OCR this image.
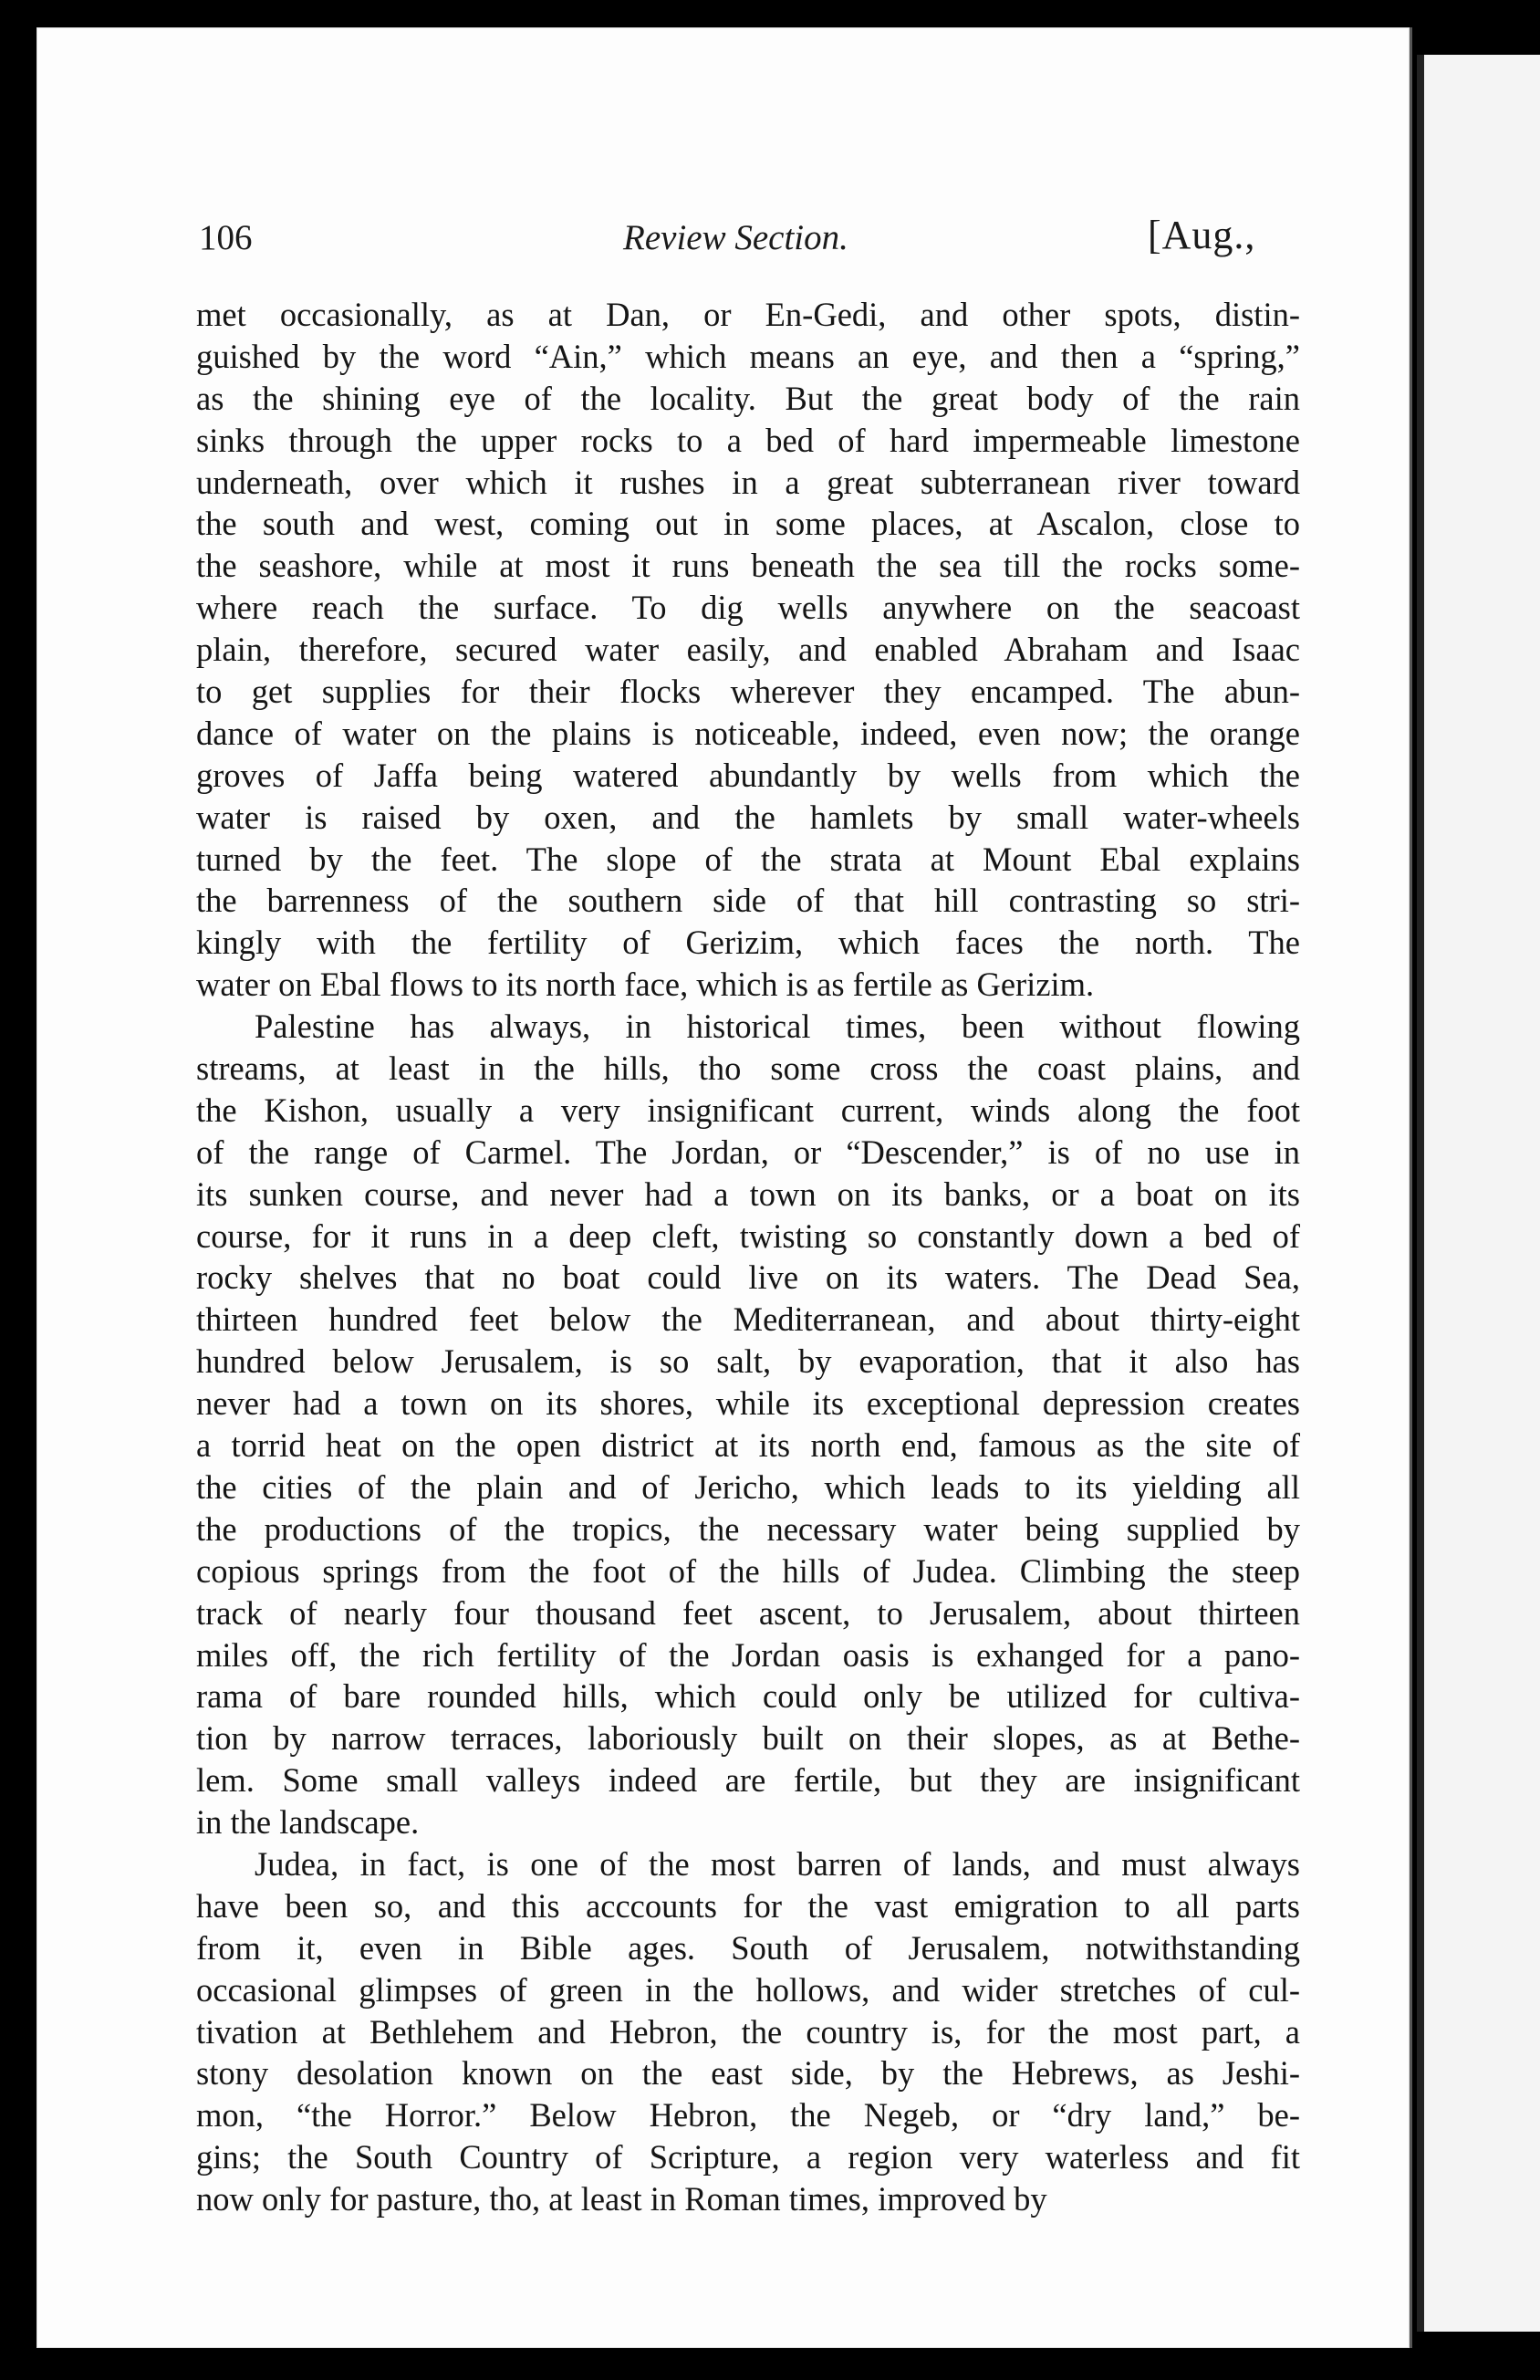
106	Review Section.	[Aug.,
met occasionally, as at Dan, or En-Gedi, and other spots, distin-
guished by the word “Ain,” which means an eye, and then a “spring,”
as the shining eye of the locality. But the great body of the rain
sinks through the upper rocks to a bed of hard impermeable limestone
underneath, over which it rushes in a great subterranean river toward
the south and west, coming out in some places, at Ascalon, close to
the seashore, while at most it runs beneath the sea till the rocks some-
where reach the surface. To dig wells anywhere on the seacoast
plain, therefore, secured water easily, and enabled Abraham and Isaac
to get supplies for their flocks wherever they encamped. The abun-
dance of water on the plains is noticeable, indeed, even now; the orange
groves of Jaffa being watered abundantly by wells from which the
water is raised by oxen, and the hamlets by small water-wheels
turned by the feet. The slope of the strata at Mount Ebal explains
the barrenness of the southern side of that hill contrasting so stri-
kingly with the fertility of Gerizim, which faces the north. The
water on Ebal flows to its north face, which is as fertile as Gerizim.
Palestine has always, in historical times, been without flowing
streams, at least in the hills, tho some cross the coast plains, and
the Kishon, usually a very insignificant current, winds along the foot
of the range of Carmel. The Jordan, or “Descender,” is of no use in
its sunken course, and never had a town on its banks, or a boat on its
course, for it runs in a deep cleft, twisting so constantly down a bed of
rocky shelves that no boat could live on its waters. The Dead Sea,
thirteen hundred feet below the Mediterranean, and about thirty-eight
hundred below Jerusalem, is so salt, by evaporation, that it also has
never had a town on its shores, while its exceptional depression creates
a torrid heat on the open district at its north end, famous as the site of
the cities of the plain and of Jericho, which leads to its yielding all
the productions of the tropics, the necessary water being supplied by
copious springs from the foot of the hills of Judea. Climbing the steep
track of nearly four thousand feet ascent, to Jerusalem, about thirteen
miles off, the rich fertility of the Jordan oasis is exhanged for a pano-
rama of bare rounded hills, which could only be utilized for cultiva-
tion by narrow terraces, laboriously built on their slopes, as at Bethe-
lem. Some small valleys indeed are fertile, but they are insignificant
in the landscape.
Judea, in fact, is one of the most barren of lands, and must always
have been so, and this acccounts for the vast emigration to all parts
from it, even in Bible ages. South of Jerusalem, notwithstanding
occasional glimpses of green in the hollows, and wider stretches of cul-
tivation at Bethlehem and Hebron, the country is, for the most part, a
stony desolation known on the east side, by the Hebrews, as Jeshi-
mon, “the Horror.” Below Hebron, the Negeb, or “dry land,” be-
gins; the South Country of Scripture, a region very waterless and fit
now only for pasture, tho, at least in Roman times, improved by
